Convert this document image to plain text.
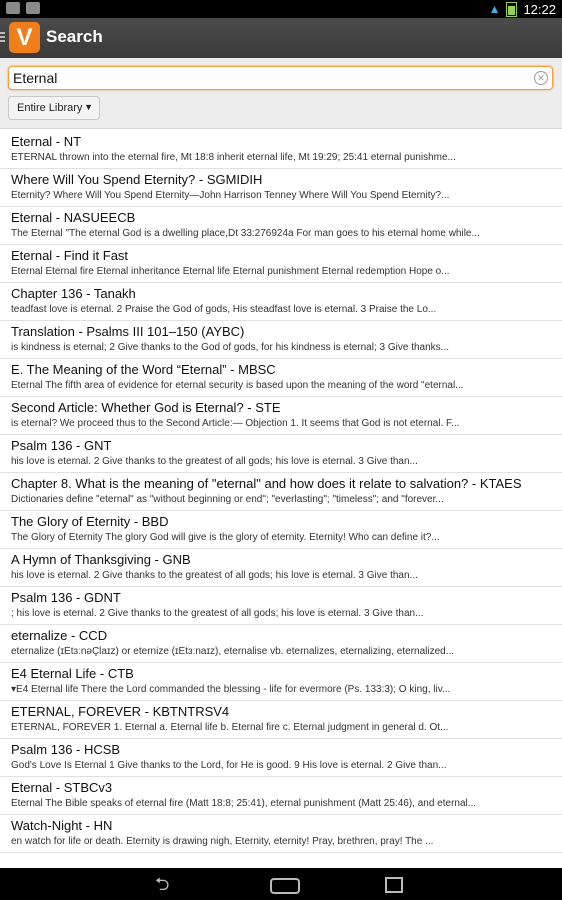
▲ 12:22
V Search
Eternal
✕
Entire Library ▼
Eternal - NT
ETERNAL thrown into the eternal fire, Mt 18:8 inherit eternal life, Mt 19:29; 25:41 eternal punishme...
Where Will You Spend Eternity? - SGMIDIH
Eternity? Where Will You Spend Eternity—John Harrison Tenney Where Will You Spend Eternity?...
Eternal - NASUEECB
The Eternal "The eternal God is a dwelling place,Dt 33:276924a For man goes to his eternal home while...
Eternal - Find it Fast
Eternal Eternal fire Eternal inheritance Eternal life Eternal punishment Eternal redemption Hope o...
Chapter 136 - Tanakh
teadfast love is eternal. 2 Praise the God of gods, His steadfast love is eternal. 3 Praise the Lo...
Translation - Psalms III 101–150 (AYBC)
is kindness is eternal; 2 Give thanks to the God of gods, for his kindness is eternal; 3 Give thanks...
E. The Meaning of the Word “Eternal” - MBSC
Eternal The fifth area of evidence for eternal security is based upon the meaning of the word "eternal...
Second Article: Whether God is Eternal? - STE
is eternal? We proceed thus to the Second Article:— Objection 1. It seems that God is not eternal. F...
Psalm 136 - GNT
his love is eternal. 2 Give thanks to the greatest of all gods; his love is eternal. 3 Give than...
Chapter 8. What is the meaning of "eternal" and how does it relate to salvation? - KTAES
Dictionaries define "eternal" as "without beginning or end"; "everlasting"; "timeless"; and "forever...
The Glory of Eternity - BBD
The Glory of Eternity The glory God will give is the glory of eternity. Eternity! Who can define it?...
A Hymn of Thanksgiving - GNB
his love is eternal. 2 Give thanks to the greatest of all gods; his love is eternal. 3 Give than...
Psalm 136 - GDNT
; his love is eternal. 2 Give thanks to the greatest of all gods; his love is eternal. 3 Give than...
eternalize - CCD
eternalize (ɪÈtɜːnəÇlaɪz) or eternize (ɪÈtɜːnaɪz), eternalise vb. eternalizes, eternalizing, eternalized...
E4 Eternal Life - CTB
▾E4 Eternal life There the Lord commanded the blessing - life for evermore (Ps. 133:3); O king, liv...
ETERNAL, FOREVER - KBTNTRSV4
ETERNAL, FOREVER 1. Eternal a. Eternal life b. Eternal fire c. Eternal judgment in general d. Ot...
Psalm 136 - HCSB
God's Love Is Eternal 1 Give thanks to the Lord, for He is good. 9 His love is eternal. 2 Give than...
Eternal - STBCv3
Eternal The Bible speaks of eternal fire (Matt 18:8; 25:41), eternal punishment (Matt 25:46), and eternal...
Watch-Night - HN
en watch for life or death. Eternity is drawing nigh, Eternity, eternity! Pray, brethren, pray! The ...
⮌
